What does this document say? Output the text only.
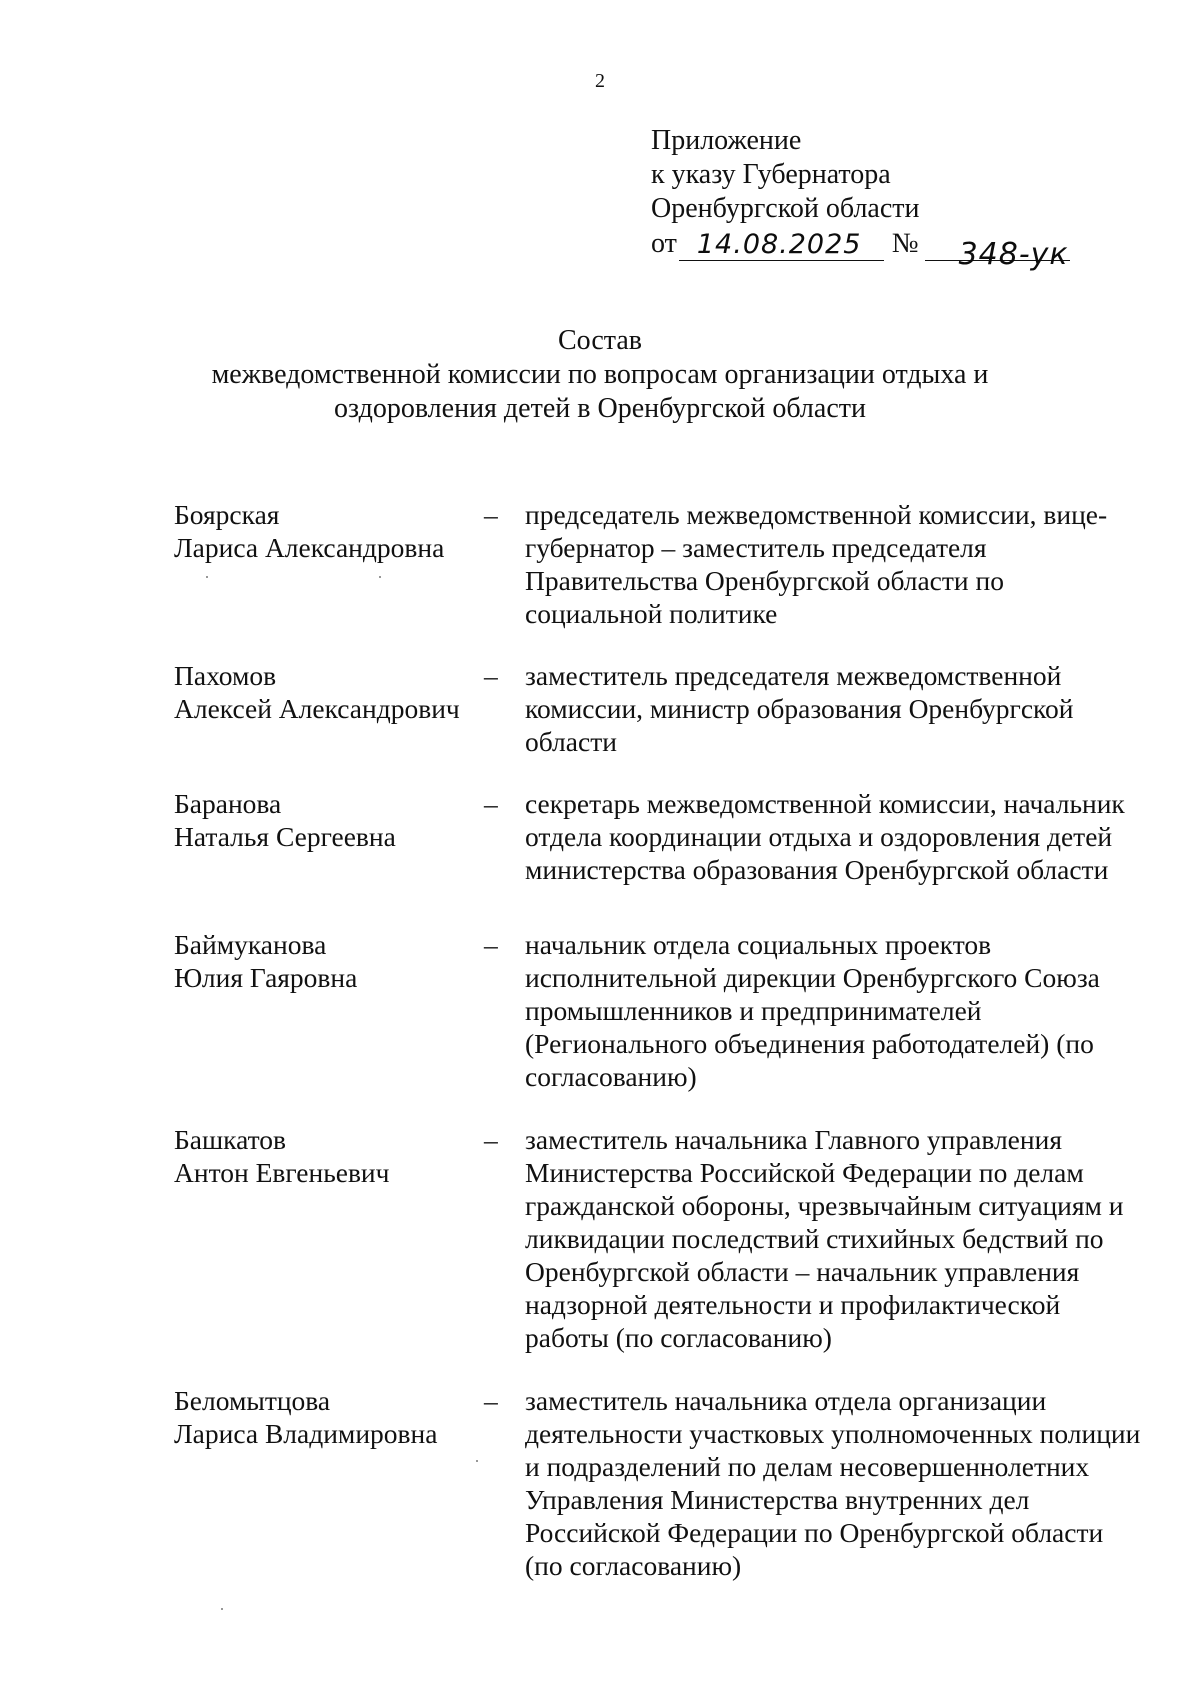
2
Приложение
к указу Губернатора
Оренбургской области
от 14.08.2025 № 348-ук
Состав
межведомственной комиссии по вопросам организации отдыха и
оздоровления детей в Оренбургской области
Боярская
Лариса Александровна
– председатель межведомственной комиссии, вице-губернатор – заместитель председателя Правительства Оренбургской области по социальной политике
Пахомов
Алексей Александрович
– заместитель председателя межведомственной комиссии, министр образования Оренбургской области
Баранова
Наталья Сергеевна
– секретарь межведомственной комиссии, начальник отдела координации отдыха и оздоровления детей министерства образования Оренбургской области
Баймуканова
Юлия Гаяровна
– начальник отдела социальных проектов исполнительной дирекции Оренбургского Союза промышленников и предпринимателей (Регионального объединения работодателей) (по согласованию)
Башкатов
Антон Евгеньевич
– заместитель начальника Главного управления Министерства Российской Федерации по делам гражданской обороны, чрезвычайным ситуациям и ликвидации последствий стихийных бедствий по Оренбургской области – начальник управления надзорной деятельности и профилактической работы (по согласованию)
Беломытцова
Лариса Владимировна
– заместитель начальника отдела организации деятельности участковых уполномоченных полиции и подразделений по делам несовершеннолетних Управления Министерства внутренних дел Российской Федерации по Оренбургской области (по согласованию)
